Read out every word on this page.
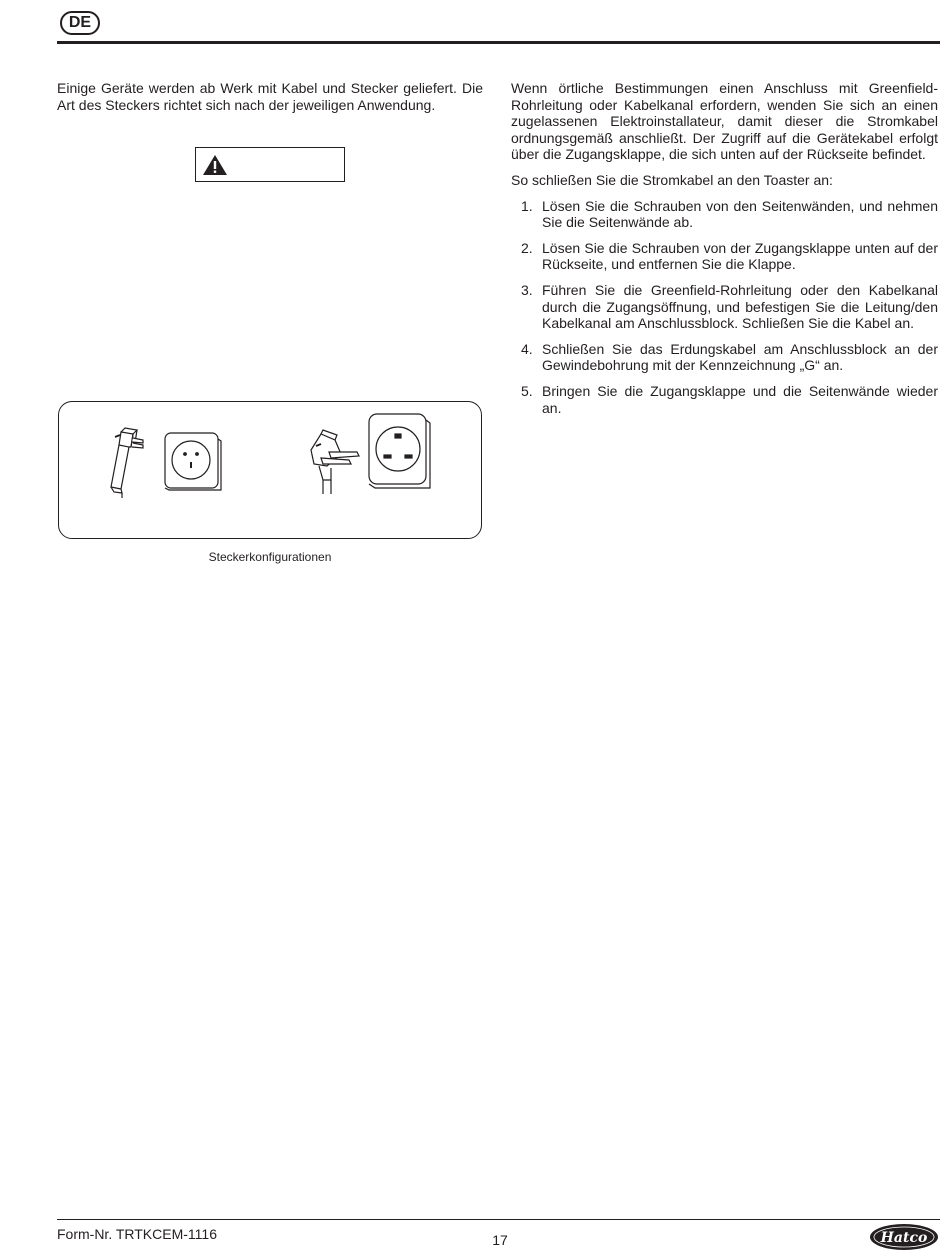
DE

Einige Geräte werden ab Werk mit Kabel und Stecker geliefert. Die Art des Steckers richtet sich nach der jeweiligen Anwendung.

Steckerkonfigurationen

Wenn örtliche Bestimmungen einen Anschluss mit Greenfield-Rohrleitung oder Kabelkanal erfordern, wenden Sie sich an einen zugelassenen Elektroinstallateur, damit dieser die Stromkabel ordnungsgemäß anschließt. Der Zugriff auf die Gerätekabel erfolgt über die Zugangsklappe, die sich unten auf der Rückseite befindet.

So schließen Sie die Stromkabel an den Toaster an:

1. Lösen Sie die Schrauben von den Seitenwänden, und nehmen Sie die Seitenwände ab.
2. Lösen Sie die Schrauben von der Zugangsklappe unten auf der Rückseite, und entfernen Sie die Klappe.
3. Führen Sie die Greenfield-Rohrleitung oder den Kabelkanal durch die Zugangsöffnung, und befestigen Sie die Leitung/den Kabelkanal am Anschlussblock. Schließen Sie die Kabel an.
4. Schließen Sie das Erdungskabel am Anschlussblock an der Gewindebohrung mit der Kennzeichnung „G“ an.
5. Bringen Sie die Zugangsklappe und die Seitenwände wieder an.
Form-Nr. TRTKCEM-1116	17	Hatco
